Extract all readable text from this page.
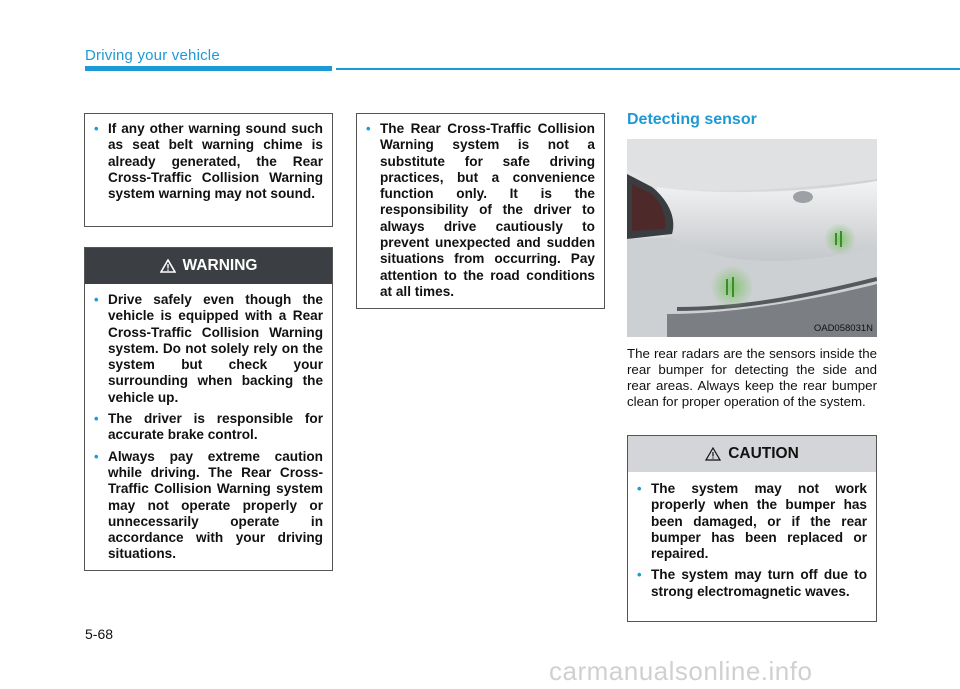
Driving your vehicle
• If any other warning sound such as seat belt warning chime is already generated, the Rear Cross-Traffic Collision Warning system warning may not sound.
WARNING
• Drive safely even though the vehicle is equipped with a Rear Cross-Traffic Collision Warning system. Do not solely rely on the system but check your surrounding when backing the vehicle up.
• The driver is responsible for accurate brake control.
• Always pay extreme caution while driving. The Rear Cross-Traffic Collision Warning system may not operate properly or unnecessarily operate in accordance with your driving situations.
• The Rear Cross-Traffic Collision Warning system is not a substitute for safe driving practices, but a convenience function only. It is the responsibility of the driver to always drive cautiously to prevent unexpected and sudden situations from occurring. Pay attention to the road conditions at all times.
Detecting sensor
OAD058031N
The rear radars are the sensors inside the rear bumper for detecting the side and rear areas. Always keep the rear bumper clean for proper operation of the system.
CAUTION
• The system may not work properly when the bumper has been damaged, or if the rear bumper has been replaced or repaired.
• The system may turn off due to strong electromagnetic waves.
5-68
carmanualsonline.info
